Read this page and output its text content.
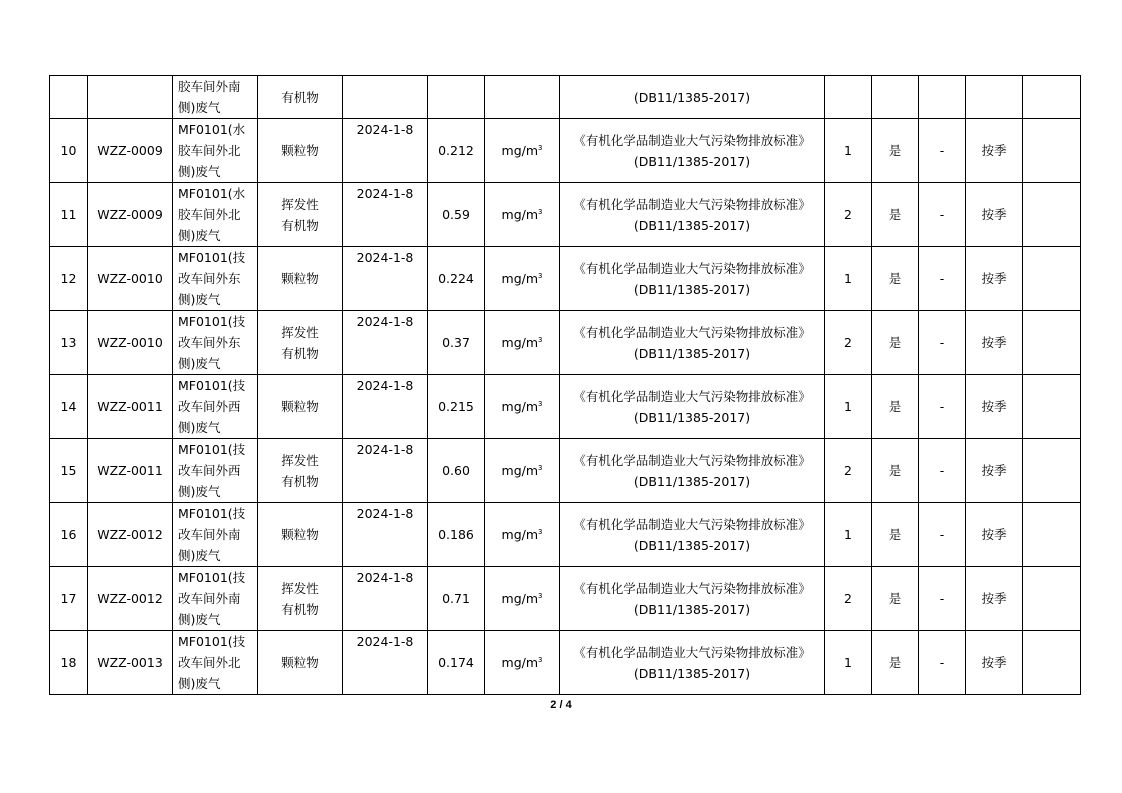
		胶车间外南
侧)废气	有机物				(DB11/1385-2017)					

10	WZZ-0009	MF0101(水
胶车间外北
侧)废气	颗粒物	2024-1-8	0.212	$mg/m^3$	《有机化学品制造业大气污染物排放标准》
(DB11/1385-2017)	1	是	-	按季	
11	WZZ-0009	MF0101(水
胶车间外北
侧)废气	挥发性
有机物	2024-1-8	0.59	$mg/m^3$	《有机化学品制造业大气污染物排放标准》
(DB11/1385-2017)	2	是	-	按季	
12	WZZ-0010	MF0101(技
改车间外东
侧)废气	颗粒物	2024-1-8	0.224	$mg/m^3$	《有机化学品制造业大气污染物排放标准》
(DB11/1385-2017)	1	是	-	按季	
13	WZZ-0010	MF0101(技
改车间外东
侧)废气	挥发性
有机物	2024-1-8	0.37	$mg/m^3$	《有机化学品制造业大气污染物排放标准》
(DB11/1385-2017)	2	是	-	按季	
14	WZZ-0011	MF0101(技
改车间外西
侧)废气	颗粒物	2024-1-8	0.215	$mg/m^3$	《有机化学品制造业大气污染物排放标准》
(DB11/1385-2017)	1	是	-	按季	
15	WZZ-0011	MF0101(技
改车间外西
侧)废气	挥发性
有机物	2024-1-8	0.60	$mg/m^3$	《有机化学品制造业大气污染物排放标准》
(DB11/1385-2017)	2	是	-	按季	
16	WZZ-0012	MF0101(技
改车间外南
侧)废气	颗粒物	2024-1-8	0.186	$mg/m^3$	《有机化学品制造业大气污染物排放标准》
(DB11/1385-2017)	1	是	-	按季	
17	WZZ-0012	MF0101(技
改车间外南
侧)废气	挥发性
有机物	2024-1-8	0.71	$mg/m^3$	《有机化学品制造业大气污染物排放标准》
(DB11/1385-2017)	2	是	-	按季	
18	WZZ-0013	MF0101(技
改车间外北
侧)废气	颗粒物	2024-1-8	0.174	$mg/m^3$	《有机化学品制造业大气污染物排放标准》
(DB11/1385-2017)	1	是	-	按季	
2 / 4
